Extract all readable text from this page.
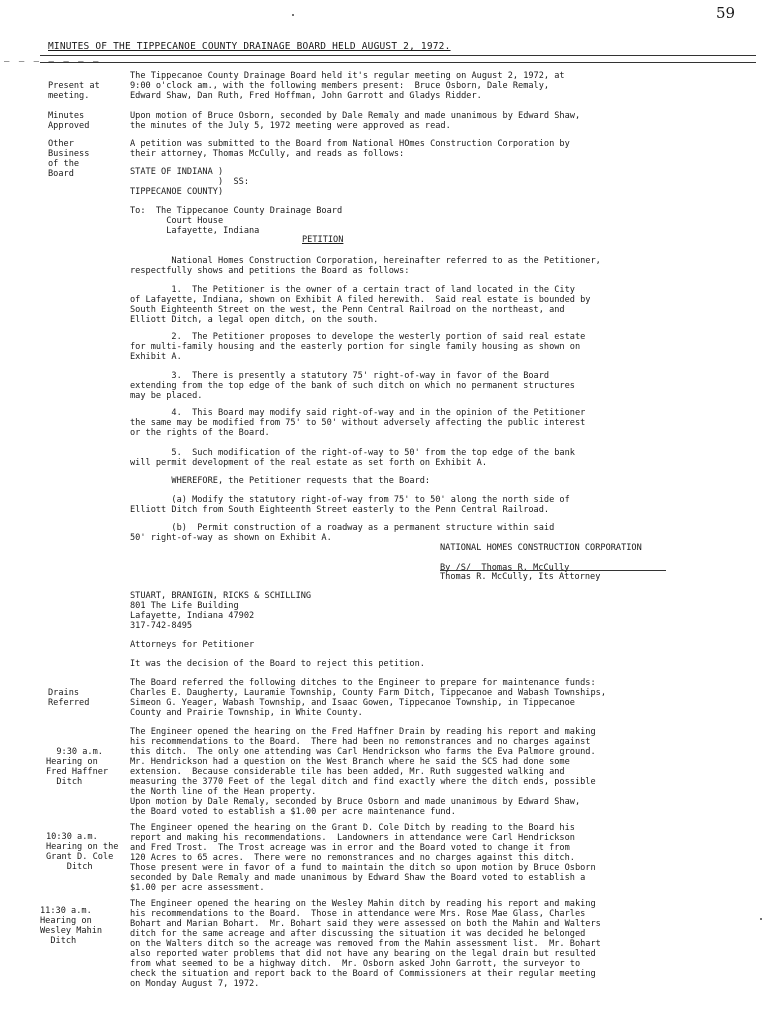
59
MINUTES OF THE TIPPECANOE COUNTY DRAINAGE BOARD HELD AUGUST 2, 1972.
— — — — — — —
Present at
meeting.
Minutes
Approved
Other
Business
of the
Board
Drains
Referred
9:30 a.m.
Hearing on
Fred Haffner
Ditch
10:30 a.m.
Hearing on the
Grant D. Cole
Ditch
11:30 a.m.
Hearing on
Wesley Mahin
Ditch
The Tippecanoe County Drainage Board held it's regular meeting on August 2, 1972, at
9:00 o'clock am., with the following members present:  Bruce Osborn, Dale Remaly,
Edward Shaw, Dan Ruth, Fred Hoffman, John Garrott and Gladys Ridder.
Upon motion of Bruce Osborn, seconded by Dale Remaly and made unanimous by Edward Shaw,
the minutes of the July 5, 1972 meeting were approved as read.
A petition was submitted to the Board from National HOmes Construction Corporation by
their attorney, Thomas McCully, and reads as follows:
STATE OF INDIANA )
)  SS:
TIPPECANOE COUNTY)
To:  The Tippecanoe County Drainage Board
Court House
Lafayette, Indiana
PETITION
National Homes Construction Corporation, hereinafter referred to as the Petitioner,
respectfully shows and petitions the Board as follows:
1.  The Petitioner is the owner of a certain tract of land located in the City
of Lafayette, Indiana, shown on Exhibit A filed herewith.  Said real estate is bounded by
South Eighteenth Street on the west, the Penn Central Railroad on the northeast, and
Elliott Ditch, a legal open ditch, on the south.
2.  The Petitioner proposes to develope the westerly portion of said real estate
for multi-family housing and the easterly portion for single family housing as shown on
Exhibit A.
3.  There is presently a statutory 75' right-of-way in favor of the Board
extending from the top edge of the bank of such ditch on which no permanent structures
may be placed.
4.  This Board may modify said right-of-way and in the opinion of the Petitioner
the same may be modified from 75' to 50' without adversely affecting the public interest
or the rights of the Board.
5.  Such modification of the right-of-way to 50' from the top edge of the bank
will permit development of the real estate as set forth on Exhibit A.
WHEREFORE, the Petitioner requests that the Board:
(a) Modify the statutory right-of-way from 75' to 50' along the north side of
Elliott Ditch from South Eighteenth Street easterly to the Penn Central Railroad.
(b)  Permit construction of a roadway as a permanent structure within said
50' right-of-way as shown on Exhibit A.
NATIONAL HOMES CONSTRUCTION CORPORATION
By /S/  Thomas R. McCully
Thomas R. McCully, Its Attorney
STUART, BRANIGIN, RICKS & SCHILLING
801 The Life Building
Lafayette, Indiana 47902
317-742-8495
Attorneys for Petitioner
It was the decision of the Board to reject this petition.
The Board referred the following ditches to the Engineer to prepare for maintenance funds:
Charles E. Daugherty, Lauramie Township, County Farm Ditch, Tippecanoe and Wabash Townships,
Simeon G. Yeager, Wabash Township, and Isaac Gowen, Tippecanoe Township, in Tippecanoe
County and Prairie Township, in White County.
The Engineer opened the hearing on the Fred Haffner Drain by reading his report and making
his recommendations to the Board.  There had been no remonstrances and no charges against
this ditch.  The only one attending was Carl Hendrickson who farms the Eva Palmore ground.
Mr. Hendrickson had a question on the West Branch where he said the SCS had done some
extension.  Because considerable tile has been added, Mr. Ruth suggested walking and
measuring the 3770 Feet of the legal ditch and find exactly where the ditch ends, possible
the North line of the Hean property.
Upon motion by Dale Remaly, seconded by Bruce Osborn and made unanimous by Edward Shaw,
the Board voted to establish a $1.00 per acre maintenance fund.
The Engineer opened the hearing on the Grant D. Cole Ditch by reading to the Board his
report and making his recommendations.  Landowners in attendance were Carl Hendrickson
and Fred Trost.  The Trost acreage was in error and the Board voted to change it from
120 Acres to 65 acres.  There were no remonstrances and no charges against this ditch.
Those present were in favor of a fund to maintain the ditch so upon motion by Bruce Osborn
seconded by Dale Remaly and made unanimous by Edward Shaw the Board voted to establish a
$1.00 per acre assessment.
The Engineer opened the hearing on the Wesley Mahin ditch by reading his report and making
his recommendations to the Board.  Those in attendance were Mrs. Rose Mae Glass, Charles
Bohart and Marian Bohart.  Mr. Bohart said they were assessed on both the Mahin and Walters
ditch for the same acreage and after discussing the situation it was decided he belonged
on the Walters ditch so the acreage was removed from the Mahin assessment list.  Mr. Bohart
also reported water problems that did not have any bearing on the legal drain but resulted
from what seemed to be a highway ditch.  Mr. Osborn asked John Garrott, the surveyor to
check the situation and report back to the Board of Commissioners at their regular meeting
on Monday August 7, 1972.
